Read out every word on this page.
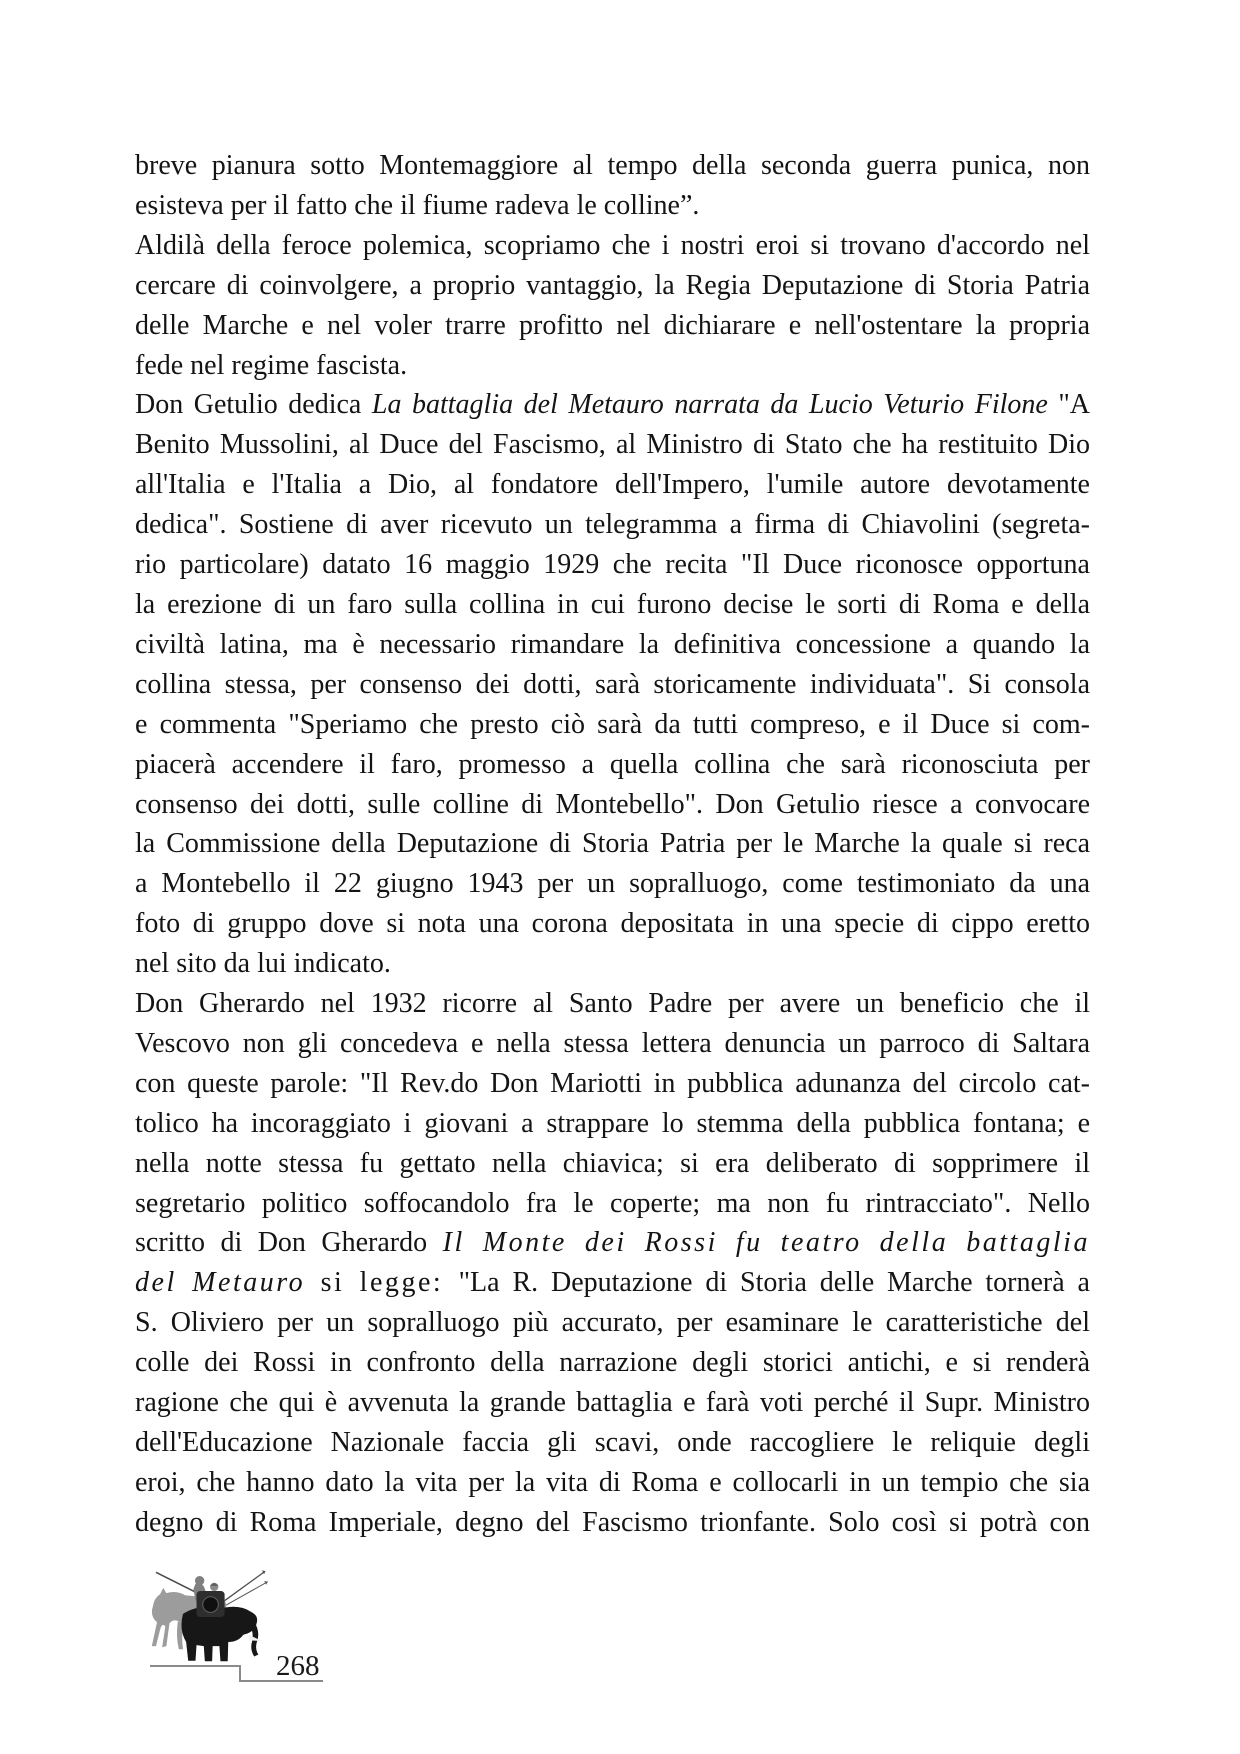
breve pianura sotto Montemaggiore al tempo della seconda guerra punica, non
esisteva per il fatto che il fiume radeva le colline”.
Aldilà della feroce polemica, scopriamo che i nostri eroi si trovano d'accordo nel
cercare di coinvolgere, a proprio vantaggio, la Regia Deputazione di Storia Patria
delle Marche e nel voler trarre profitto nel dichiarare e nell'ostentare la propria
fede nel regime fascista.
Don Getulio dedica La battaglia del Metauro narrata da Lucio Veturio Filone "A
Benito Mussolini, al Duce del Fascismo, al Ministro di Stato che ha restituito Dio
all'Italia e l'Italia a Dio, al fondatore dell'Impero, l'umile autore devotamente
dedica". Sostiene di aver ricevuto un telegramma a firma di Chiavolini (segreta-
rio particolare) datato 16 maggio 1929 che recita "Il Duce riconosce opportuna
la erezione di un faro sulla collina in cui furono decise le sorti di Roma e della
civiltà latina, ma è necessario rimandare la definitiva concessione a quando la
collina stessa, per consenso dei dotti, sarà storicamente individuata". Si consola
e commenta "Speriamo che presto ciò sarà da tutti compreso, e il Duce si com-
piacerà accendere il faro, promesso a quella collina che sarà riconosciuta per
consenso dei dotti, sulle colline di Montebello". Don Getulio riesce a convocare
la Commissione della Deputazione di Storia Patria per le Marche la quale si reca
a Montebello il 22 giugno 1943 per un sopralluogo, come testimoniato da una
foto di gruppo dove si nota una corona depositata in una specie di cippo eretto
nel sito da lui indicato.
Don Gherardo nel 1932 ricorre al Santo Padre per avere un beneficio che il
Vescovo non gli concedeva e nella stessa lettera denuncia un parroco di Saltara
con queste parole: "Il Rev.do Don Mariotti in pubblica adunanza del circolo cat-
tolico ha incoraggiato i giovani a strappare lo stemma della pubblica fontana; e
nella notte stessa fu gettato nella chiavica; si era deliberato di sopprimere il
segretario politico soffocandolo fra le coperte; ma non fu rintracciato". Nello
scritto di Don Gherardo Il Monte dei Rossi fu teatro della battaglia
del Metauro si legge: "La R. Deputazione di Storia delle Marche tornerà a
S. Oliviero per un sopralluogo più accurato, per esaminare le caratteristiche del
colle dei Rossi in confronto della narrazione degli storici antichi, e si renderà
ragione che qui è avvenuta la grande battaglia e farà voti perché il Supr. Ministro
dell'Educazione Nazionale faccia gli scavi, onde raccogliere le reliquie degli
eroi, che hanno dato la vita per la vita di Roma e collocarli in un tempio che sia
degno di Roma Imperiale, degno del Fascismo trionfante. Solo così si potrà con
268
